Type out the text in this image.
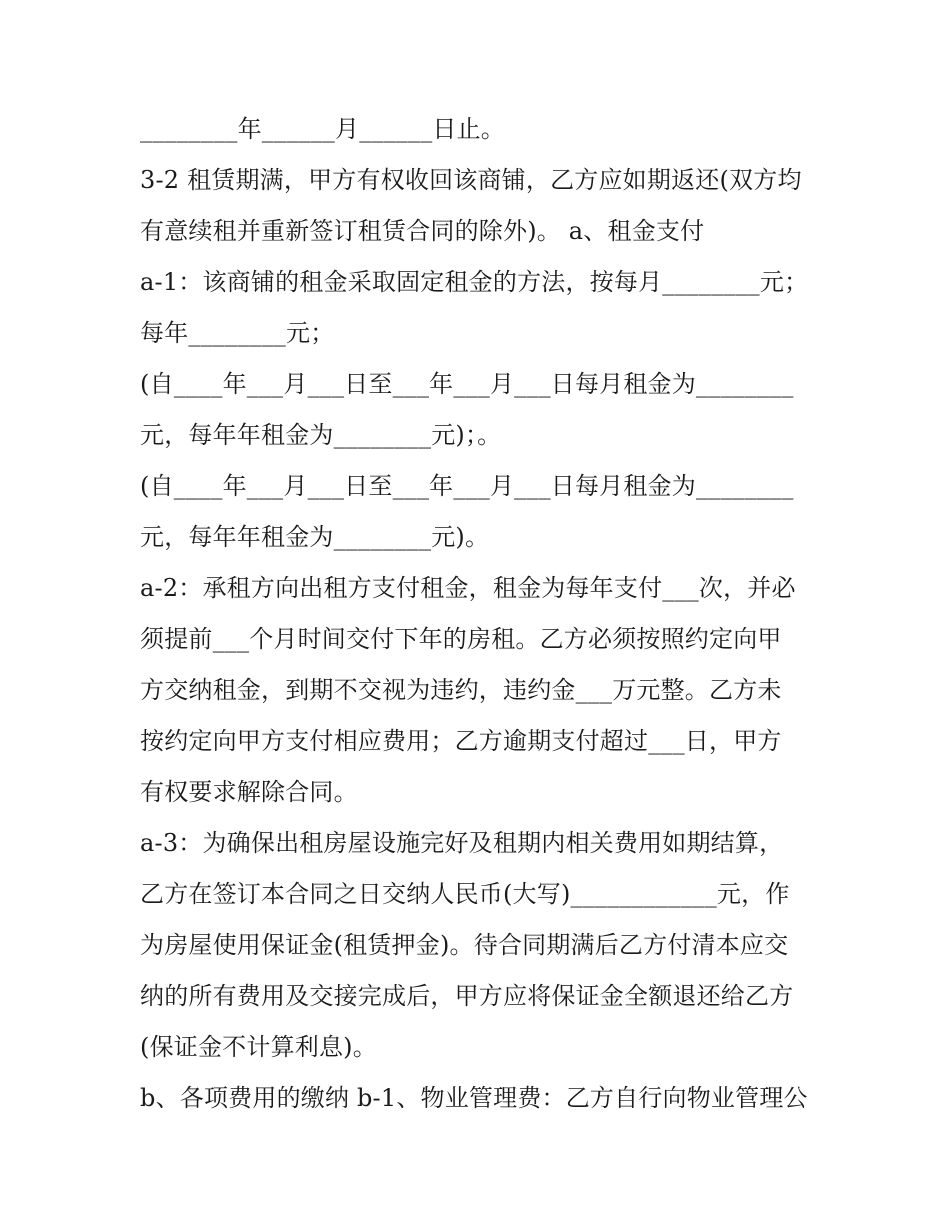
________年______月______日止。

3-2 租赁期满，甲方有权收回该商铺，乙方应如期返还(双方均

有意续租并重新签订租赁合同的除外)。 a、租金支付

a-1：该商铺的租金采取固定租金的方法，按每月________元；

每年________元；

(自____年___月___日至___年___月___日每月租金为________

元，每年年租金为________元)；。

(自____年___月___日至___年___月___日每月租金为________

元，每年年租金为________元)。

a-2：承租方向出租方支付租金，租金为每年支付___次，并必

须提前___个月时间交付下年的房租。乙方必须按照约定向甲

方交纳租金，到期不交视为违约，违约金___万元整。乙方未

按约定向甲方支付相应费用；乙方逾期支付超过___日，甲方

有权要求解除合同。

a-3：为确保出租房屋设施完好及租期内相关费用如期结算，

乙方在签订本合同之日交纳人民币(大写)____________元，作

为房屋使用保证金(租赁押金)。待合同期满后乙方付清本应交

纳的所有费用及交接完成后，甲方应将保证金全额退还给乙方

(保证金不计算利息)。

b、各项费用的缴纳 b-1、物业管理费：乙方自行向物业管理公
